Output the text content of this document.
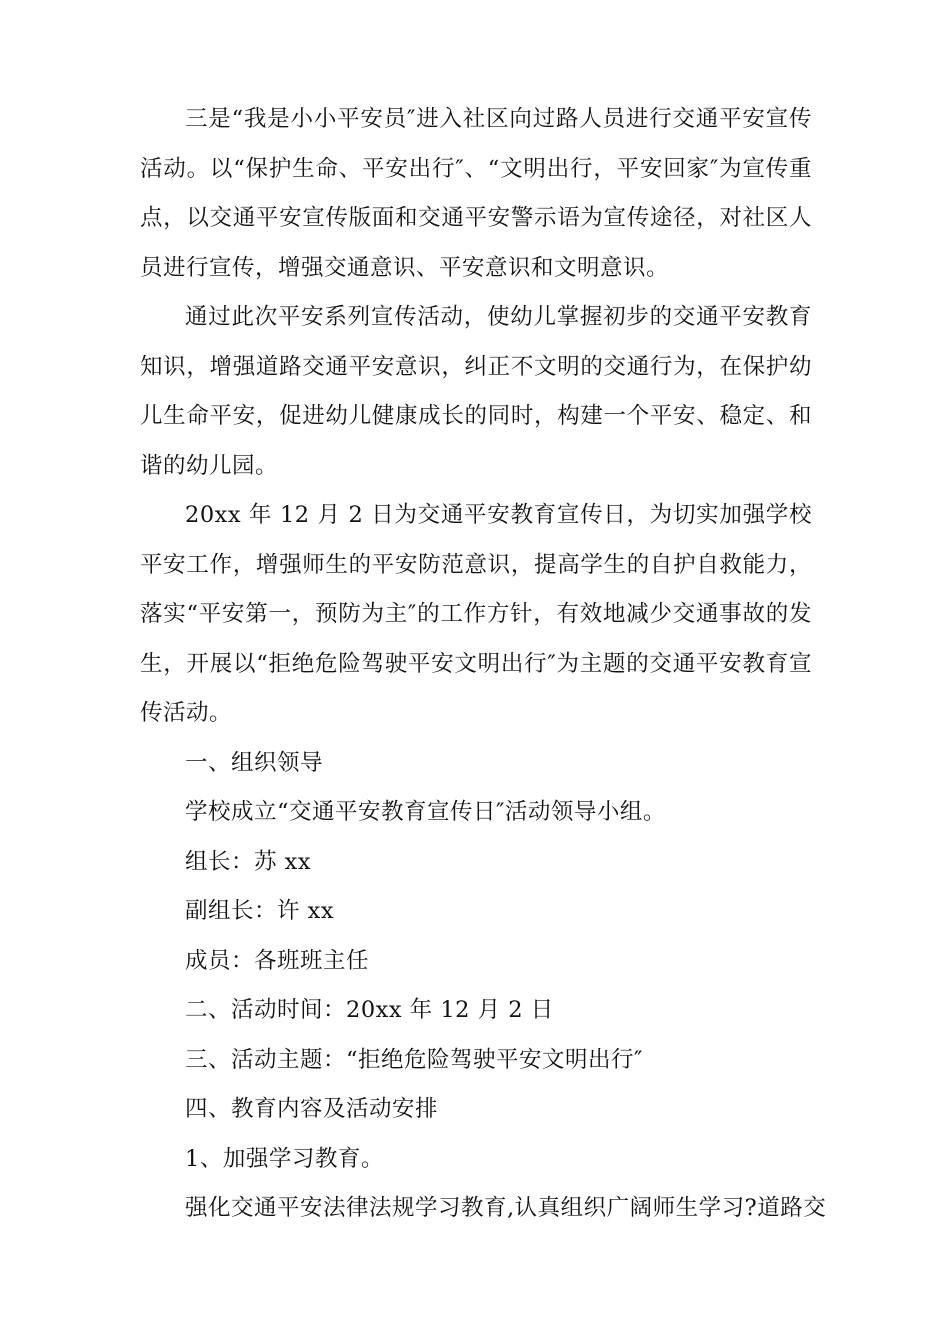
三是“我是小小平安员″进入社区向过路人员进行交通平安宣传活动。以“保护生命、平安出行″、“文明出行，平安回家″为宣传重点，以交通平安宣传版面和交通平安警示语为宣传途径，对社区人员进行宣传，增强交通意识、平安意识和文明意识。

通过此次平安系列宣传活动，使幼儿掌握初步的交通平安教育知识，增强道路交通平安意识，纠正不文明的交通行为，在保护幼儿生命平安，促进幼儿健康成长的同时，构建一个平安、稳定、和谐的幼儿园。

20xx 年 12 月 2 日为交通平安教育宣传日，为切实加强学校平安工作，增强师生的平安防范意识，提高学生的自护自救能力，落实“平安第一，预防为主″的工作方针，有效地减少交通事故的发生，开展以“拒绝危险驾驶平安文明出行″为主题的交通平安教育宣传活动。

一、组织领导

学校成立“交通平安教育宣传日″活动领导小组。

组长：苏 xx

副组长：许 xx

成员：各班班主任

二、活动时间：20xx 年 12 月 2 日

三、活动主题：“拒绝危险驾驶平安文明出行″

四、教育内容及活动安排

1、加强学习教育。

强化交通平安法律法规学习教育,认真组织广阔师生学习?道路交
